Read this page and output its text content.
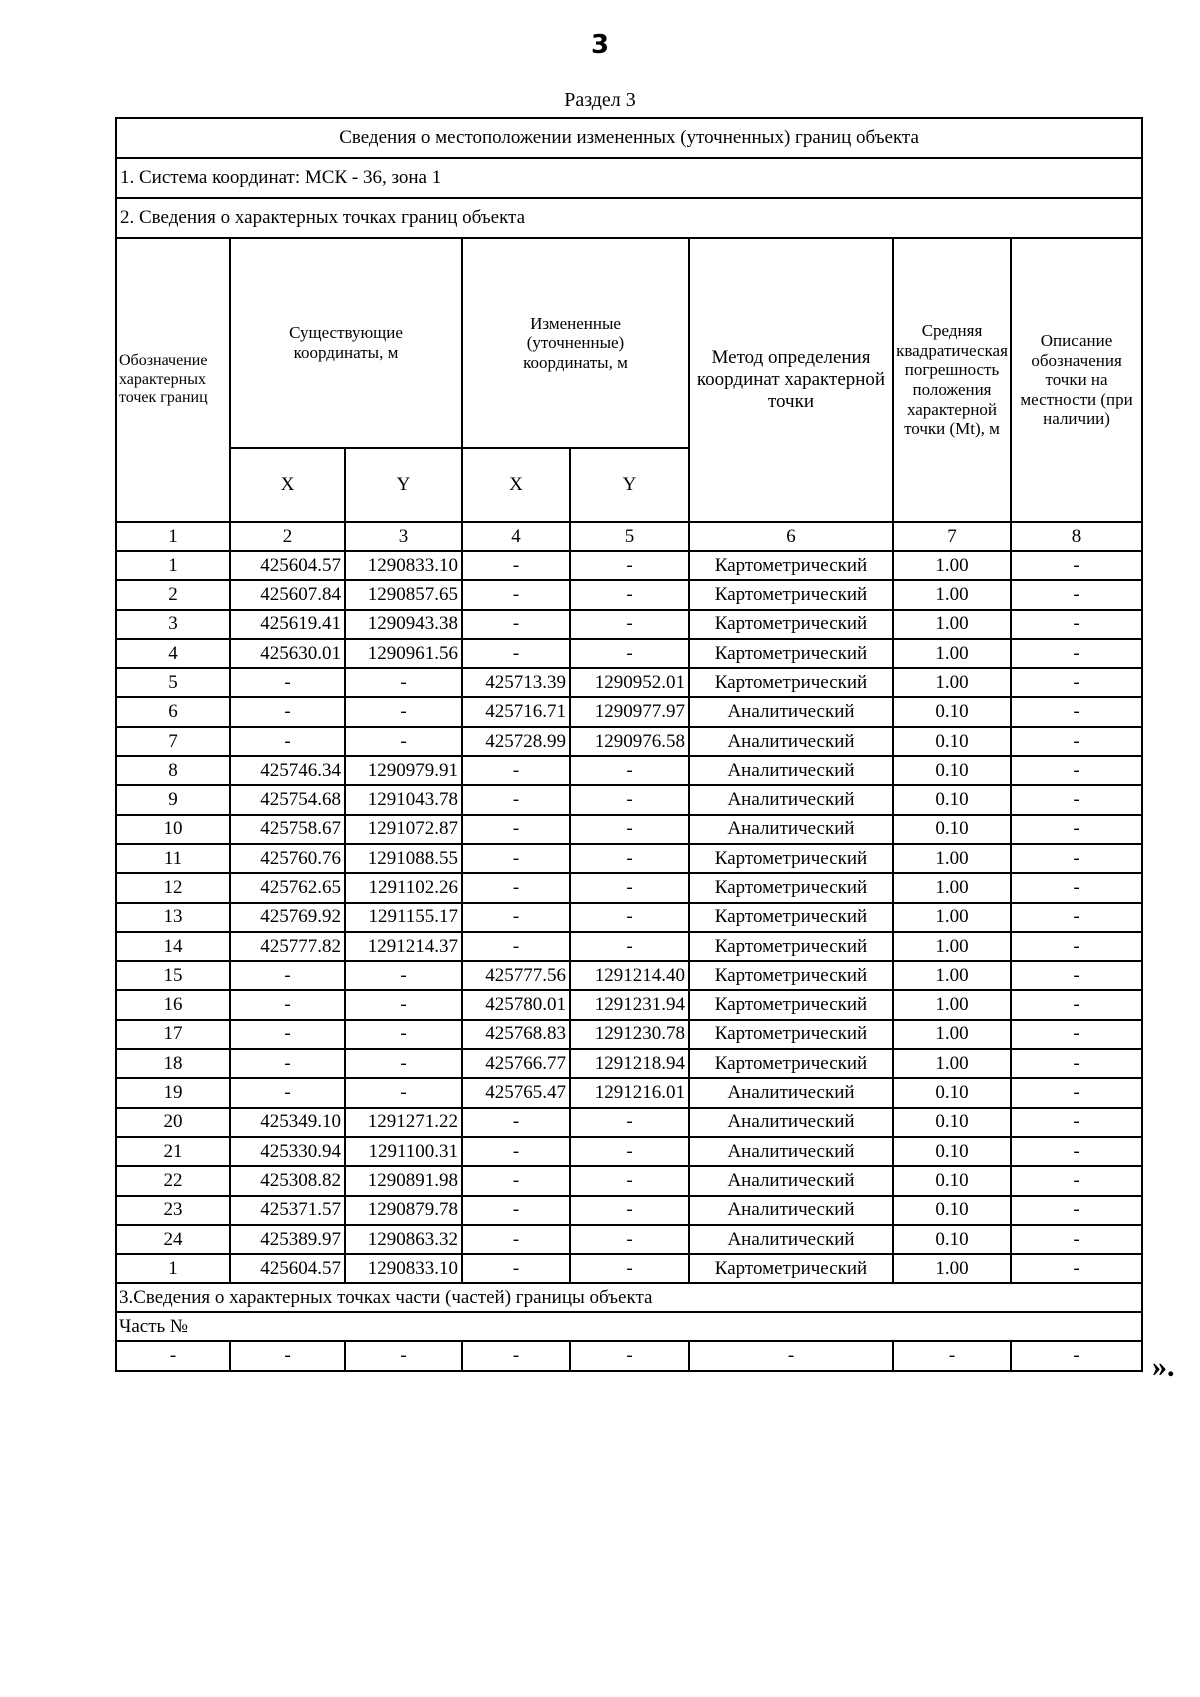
3
Раздел 3
Сведения о местоположении измененных (уточненных) границ объекта							
1. Система координат: МСК - 36, зона 1							
2. Сведения о характерных точках границ объекта							
Обозначение характерных точек границ	Существующие координаты, м		Измененные (уточненные) координаты, м		Метод определения координат характерной точки	Средняя квадратическая погрешность положения характерной точки (Mt), м	Описание обозначения точки на местности (при наличии)
	X	Y	X	Y			
1	2	3	4	5	6	7	8
1	425604.57	1290833.10	-	-	Картометрический	1.00	-
2	425607.84	1290857.65	-	-	Картометрический	1.00	-
3	425619.41	1290943.38	-	-	Картометрический	1.00	-
4	425630.01	1290961.56	-	-	Картометрический	1.00	-
5	-	-	425713.39	1290952.01	Картометрический	1.00	-
6	-	-	425716.71	1290977.97	Аналитический	0.10	-
7	-	-	425728.99	1290976.58	Аналитический	0.10	-
8	425746.34	1290979.91	-	-	Аналитический	0.10	-
9	425754.68	1291043.78	-	-	Аналитический	0.10	-
10	425758.67	1291072.87	-	-	Аналитический	0.10	-
11	425760.76	1291088.55	-	-	Картометрический	1.00	-
12	425762.65	1291102.26	-	-	Картометрический	1.00	-
13	425769.92	1291155.17	-	-	Картометрический	1.00	-
14	425777.82	1291214.37	-	-	Картометрический	1.00	-
15	-	-	425777.56	1291214.40	Картометрический	1.00	-
16	-	-	425780.01	1291231.94	Картометрический	1.00	-
17	-	-	425768.83	1291230.78	Картометрический	1.00	-
18	-	-	425766.77	1291218.94	Картометрический	1.00	-
19	-	-	425765.47	1291216.01	Аналитический	0.10	-
20	425349.10	1291271.22	-	-	Аналитический	0.10	-
21	425330.94	1291100.31	-	-	Аналитический	0.10	-
22	425308.82	1290891.98	-	-	Аналитический	0.10	-
23	425371.57	1290879.78	-	-	Аналитический	0.10	-
24	425389.97	1290863.32	-	-	Аналитический	0.10	-
1	425604.57	1290833.10	-	-	Картометрический	1.00	-
3.Сведения о характерных точках части (частей) границы объекта							
Часть №							
-	-	-	-	-	-	-	- ».
